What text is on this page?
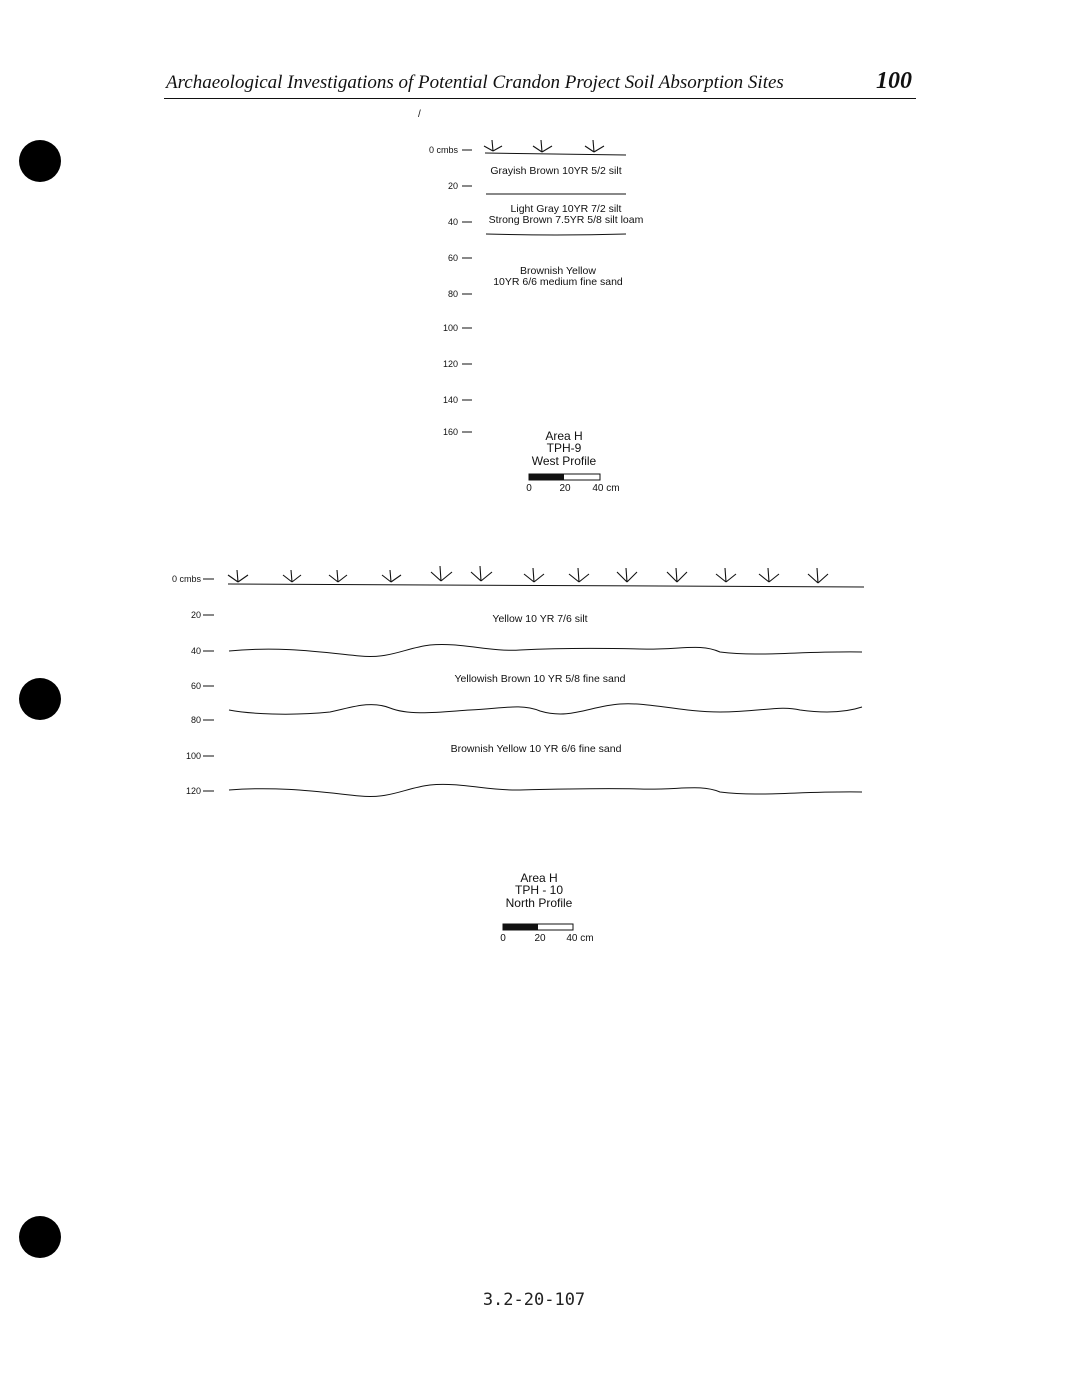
Archaeological Investigations of Potential Crandon Project Soil Absorption Sites	100
/
0 cmbs
20
40
60
80
100
120
140
160
Grayish Brown 10YR 5/2 silt
Light Gray 10YR 7/2 silt
Strong Brown 7.5YR 5/8 silt loam
Brownish Yellow
10YR 6/6 medium fine sand
Area H
TPH-9
West Profile
0	20 40 cm
0 cmbs
20
40
60
80
100
120
Yellow 10 YR 7/6 silt
Yellowish Brown 10 YR 5/8 fine sand
Brownish Yellow 10 YR 6/6 fine sand
Area H
TPH - 10
North Profile
0	20 40 cm
3.2-20-107
